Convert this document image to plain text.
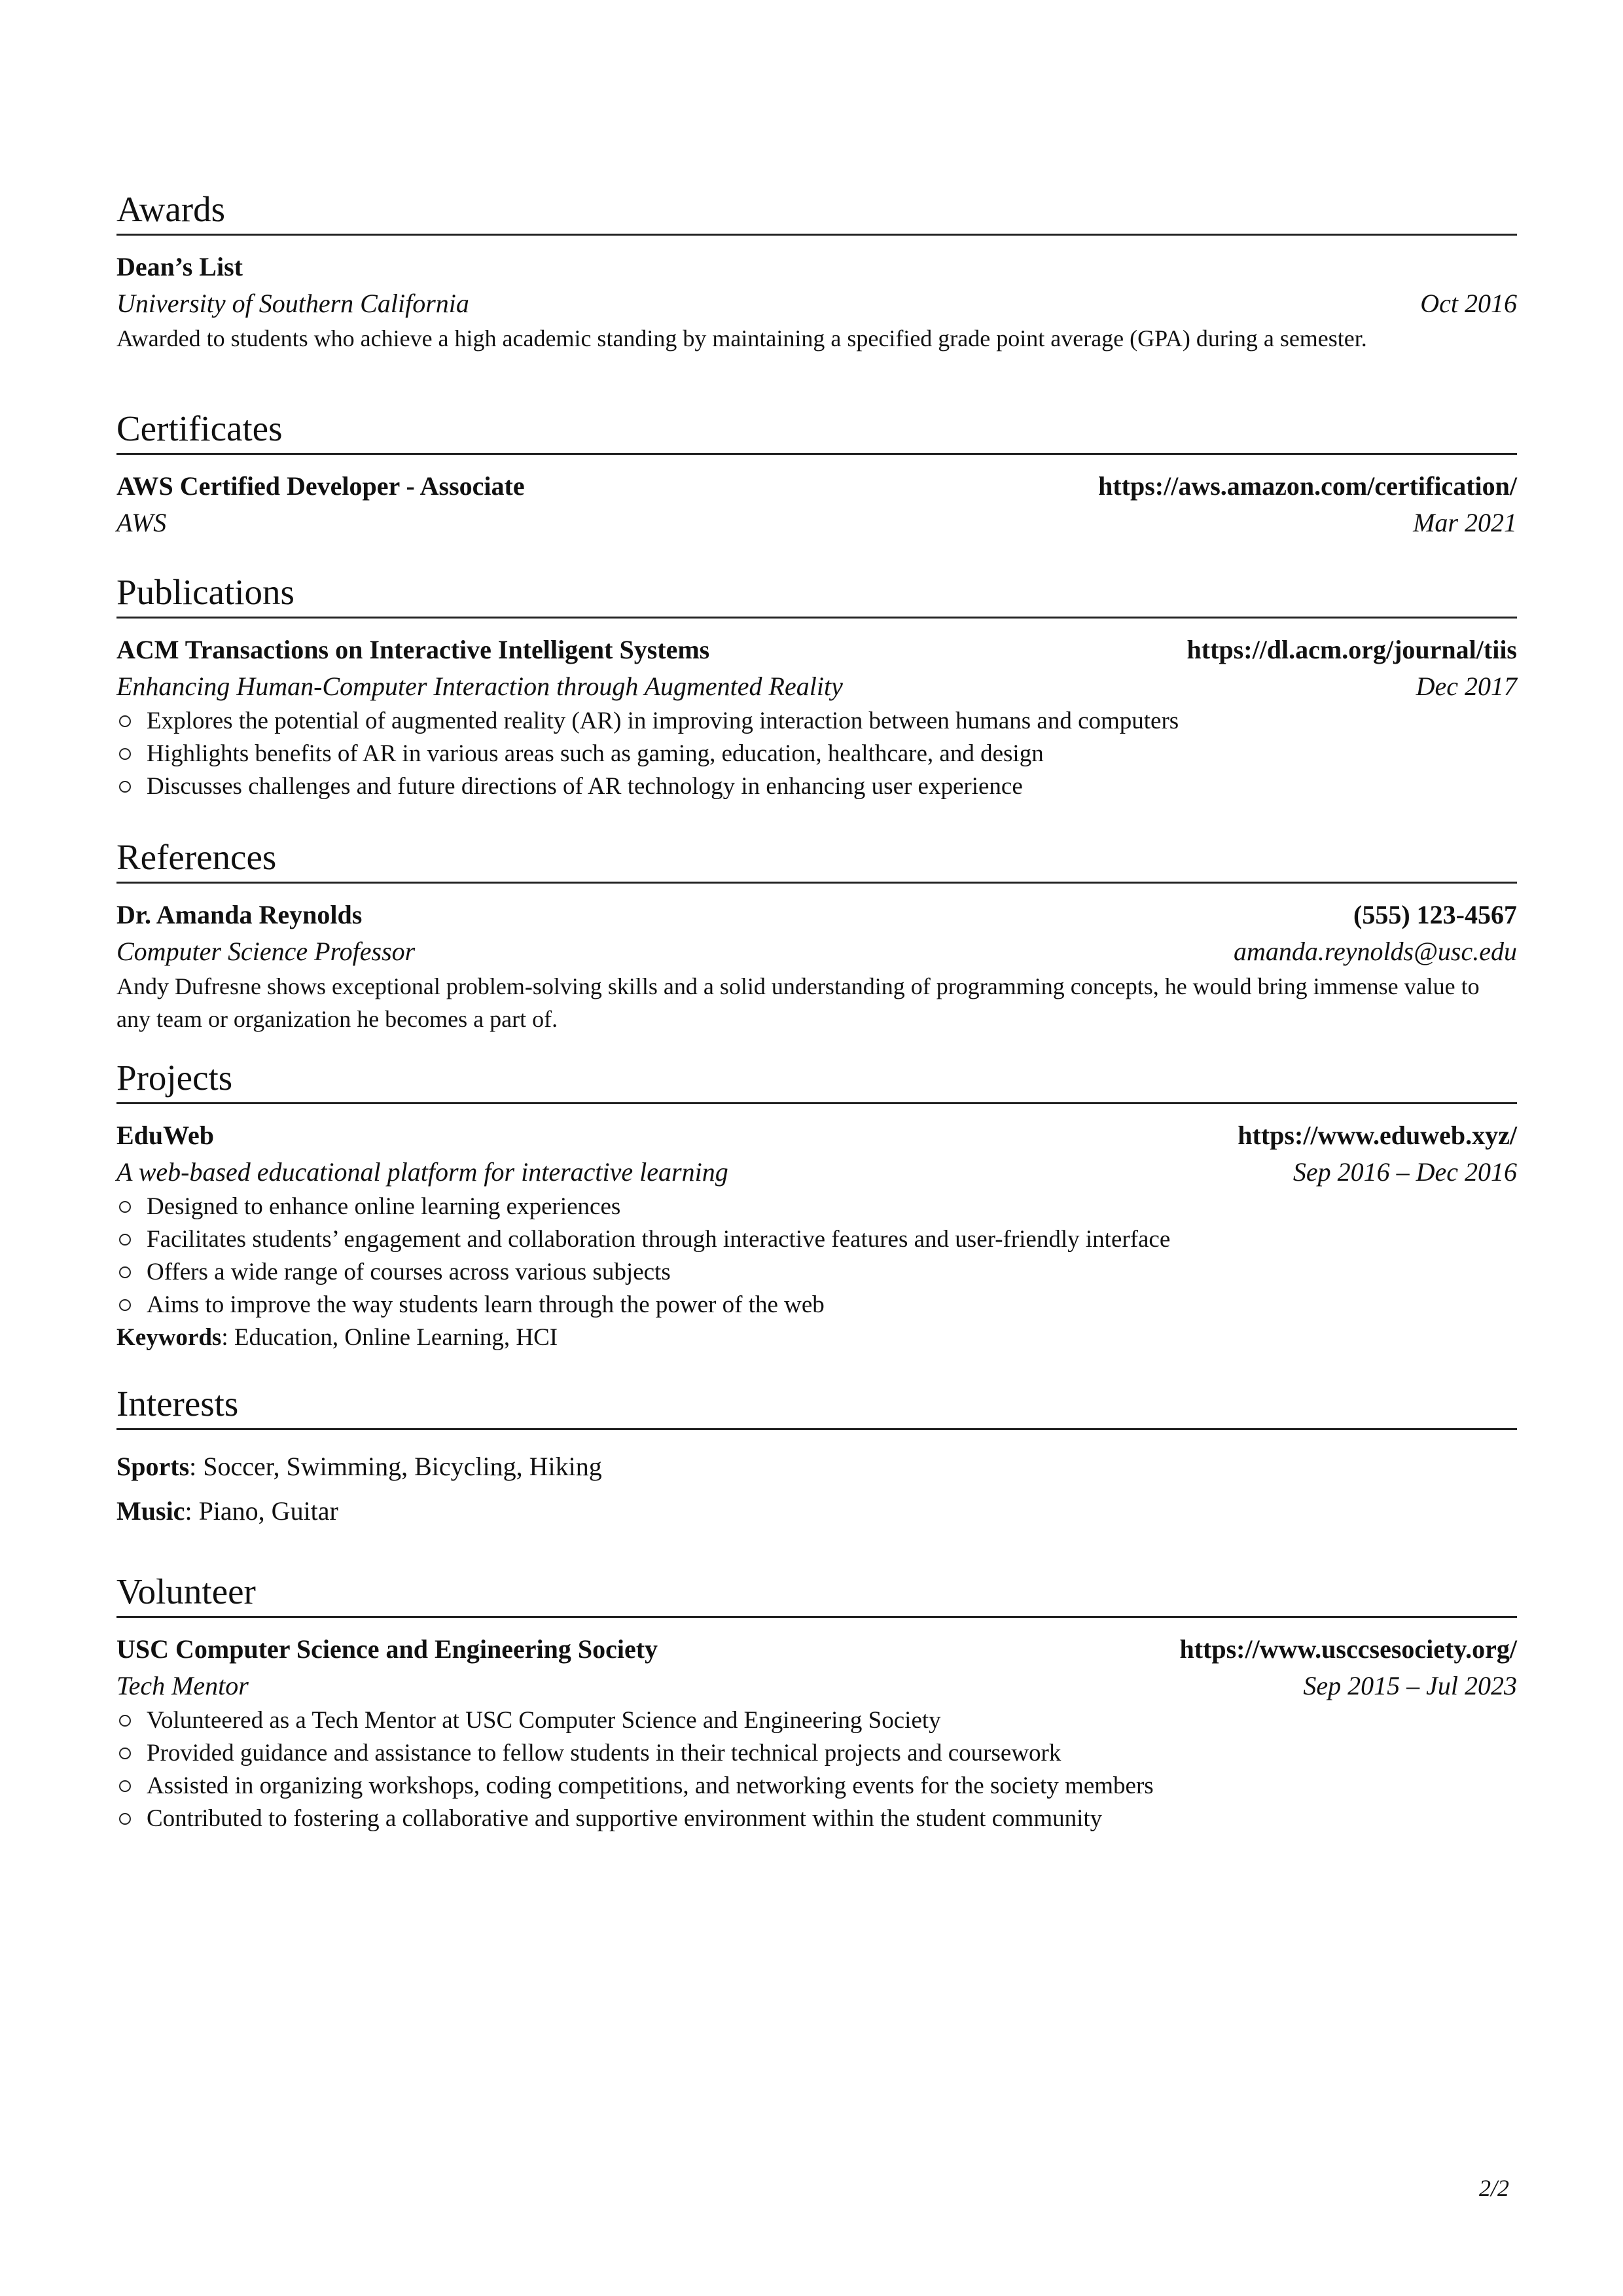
Awards
Dean’s List
University of Southern California	Oct 2016
Awarded to students who achieve a high academic standing by maintaining a specified grade point average (GPA) during a semester.
Certificates
AWS Certified Developer - Associate	https://aws.amazon.com/certification/
AWS	Mar 2021
Publications
ACM Transactions on Interactive Intelligent Systems	https://dl.acm.org/journal/tiis
Enhancing Human-Computer Interaction through Augmented Reality	Dec 2017
Explores the potential of augmented reality (AR) in improving interaction between humans and computers
Highlights benefits of AR in various areas such as gaming, education, healthcare, and design
Discusses challenges and future directions of AR technology in enhancing user experience
References
Dr. Amanda Reynolds	(555) 123-4567
Computer Science Professor	amanda.reynolds@usc.edu
Andy Dufresne shows exceptional problem-solving skills and a solid understanding of programming concepts, he would bring immense value to any team or organization he becomes a part of.
Projects
EduWeb	https://www.eduweb.xyz/
A web-based educational platform for interactive learning	Sep 2016 – Dec 2016
Designed to enhance online learning experiences
Facilitates students’ engagement and collaboration through interactive features and user-friendly interface
Offers a wide range of courses across various subjects
Aims to improve the way students learn through the power of the web
Keywords: Education, Online Learning, HCI
Interests
Sports: Soccer, Swimming, Bicycling, Hiking
Music: Piano, Guitar
Volunteer
USC Computer Science and Engineering Society	https://www.usccsesociety.org/
Tech Mentor	Sep 2015 – Jul 2023
Volunteered as a Tech Mentor at USC Computer Science and Engineering Society
Provided guidance and assistance to fellow students in their technical projects and coursework
Assisted in organizing workshops, coding competitions, and networking events for the society members
Contributed to fostering a collaborative and supportive environment within the student community
2/2
